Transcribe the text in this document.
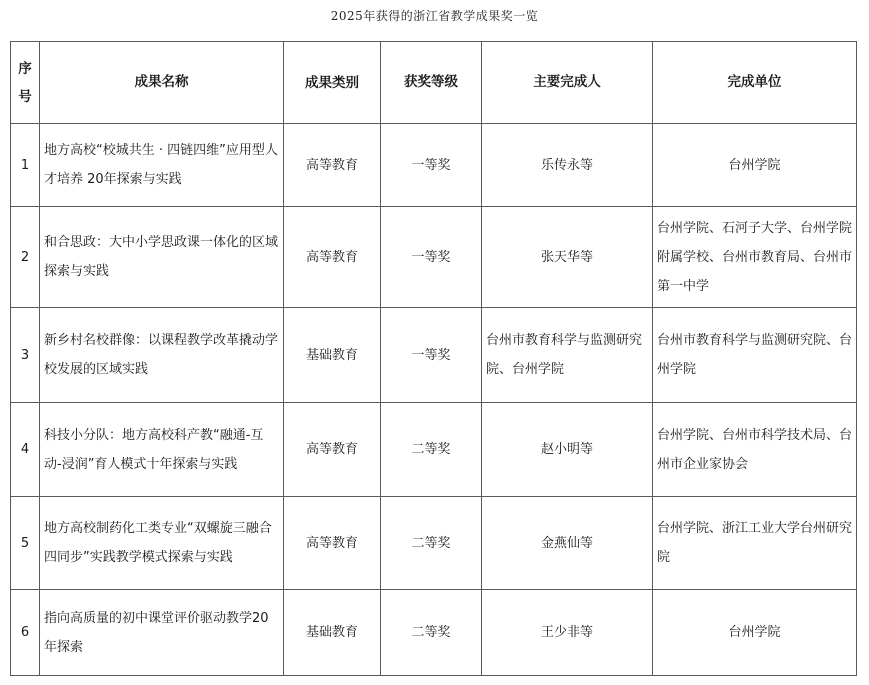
2025年获得的浙江省教学成果奖一览
序号	成果名称	成果类别	获奖等级	主要完成人	完成单位
1	地方高校“校城共生 · 四链四维”应用型人才培养 20年探索与实践	高等教育	一等奖	乐传永等	台州学院
2	和合思政：大中小学思政课一体化的区域探索与实践	高等教育	一等奖	张天华等	台州学院、石河子大学、台州学院附属学校、台州市教育局、台州市第一中学
3	新乡村名校群像：以课程教学改革撬动学校发展的区域实践	基础教育	一等奖	台州市教育科学与监测研究院、台州学院	台州市教育科学与监测研究院、台州学院
4	科技小分队：地方高校科产教“融通-互动-浸润”育人模式十年探索与实践	高等教育	二等奖	赵小明等	台州学院、台州市科学技术局、台州市企业家协会
5	地方高校制药化工类专业“双螺旋三融合 四同步”实践教学模式探索与实践	高等教育	二等奖	金燕仙等	台州学院、浙江工业大学台州研究院
6	指向高质量的初中课堂评价驱动教学20年探索	基础教育	二等奖	王少非等	台州学院
